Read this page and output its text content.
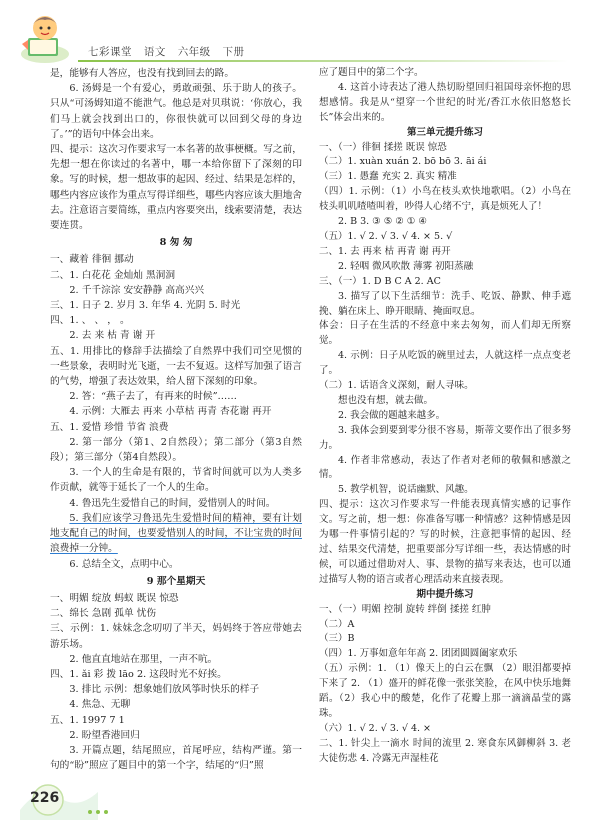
七彩课堂 语文 六年级 下册

是，能够有人答应，也没有找到回去的路。

6. 汤姆是一个有爱心，勇敢顽强、乐于助人的孩子。只从“可汤姆知道不能泄气。他总是对贝琪说：‘你放心，我们马上就会找到出口的，你很快就可以回到父母的身边了。’”的语句中体会出来。

四、提示：这次习作要求写一本名著的故事梗概。写之前，先想一想在你读过的名著中，哪一本给你留下了深刻的印象。写的时候，想一想故事的起因、经过、结果是怎样的，哪些内容应该作为重点写得详细些，哪些内容应该大胆地舍去。注意语言要简练，重点内容要突出，线索要清楚，表达要连贯。

8 匆 匆

一、藏着 徘徊 挪动

二、1. 白花花 金灿灿 黑洞洞

2. 千千淙淙 安安静静 高高兴兴

三、1. 日子 2. 岁月 3. 年华 4. 光阴 5. 时光

四、1. 、 、 ， 。

2. 去 来 枯 青 谢 开

五、1. 用排比的修辞手法描绘了自然界中我们司空见惯的一些景象，表明时光飞逝，一去不复返。这样写加强了语言的气势，增强了表达效果，给人留下深刻的印象。

2. 答：“燕子去了，有再来的时候”……

4. 示例：大雁去 再来 小草枯 再青 杏花谢 再开

五、1. 爱惜 珍惜 节省 浪费

2. 第一部分（第1、2自然段）；第二部分（第3自然段）；第三部分（第4自然段）。

3. 一个人的生命是有限的，节省时间就可以为人类多作贡献，就等于延长了一个人的生命。

4. 鲁迅先生爱惜自己的时间，爱惜别人的时间。

5. 我们应该学习鲁迅先生爱惜时间的精神，要有计划地支配自己的时间，也要爱惜别人的时间，不让宝贵的时间浪费掉一分钟。

6. 总结全文，点明中心。

9 那个星期天

一、明媚 绽放 蚂蚁 既误 惊恐

二、绵长 急剧 孤单 忧伤

三、示例：1. 妹妹念念叨叨了半天，妈妈终于答应带她去游乐场。

2. 他直直地站在那里，一声不吭。

四、1. ǎi 彩 拨 lāo 2. 这段时光不好挨。

3. 排比 示例：想象她们放风筝时快乐的样子

4. 焦急、无聊

五、1. 1997 7 1

2. 盼望香港回归

3. 开篇点题，结尾照应，首尾呼应，结构严谨。第一句的“盼”照应了题目中的第一个字，结尾的“归”照

应了题目中的第二个字。

4. 这首小诗表达了港人热切盼望回归祖国母亲怀抱的思想感情。我是从“望穿一个世纪的时光/香江水依旧悠悠长长”体会出来的。

第三单元提升练习

一、（一）徘徊 揉搓 既误 惊恐

（二）1. xuàn xuán 2. bō bō 3. āi ái

（三）1. 愚蠢 充实 2. 真实 精准

（四）1. 示例：（1）小鸟在枝头欢快地歌唱。（2）小鸟在枝头叽叽喳喳叫着，吵得人心绪不宁，真是烦死人了！

2. B 3. ③ ⑤ ② ① ④

（五）1. √ 2. √ 3. √ 4. × 5. √

二、1. 去 再来 枯 再青 谢 再开

2. 轻咽 微风吹散 薄雾 初阳蒸融

三、（一）1. D B C A 2. AC

3. 描写了以下生活细节：洗手、吃饭、静默、伸手遮挽、躺在床上、睁开眼睛、掩面叹息。

体会：日子在生活的不经意中来去匆匆，而人们却无所察觉。

4. 示例：日子从吃饭的碗里过去，人就这样一点点变老了。

（二）1. 话语含义深刻，耐人寻味。

想也没有想，就去做。

2. 我会做的题越来越多。

3. 我体会到要到零分很不容易，斯蒂文要作出了很多努力。

4. 作者非常感动，表达了作者对老师的敬佩和感激之情。

5. 教学机智，说话幽默、风趣。

四、提示：这次习作要求写一件能表现真情实感的记事作文。写之前，想一想：你准备写哪一种情感？这种情感是因为哪一件事情引起的？写的时候，注意把事情的起因、经过、结果交代清楚，把重要部分写详细一些，表达情感的时候，可以通过借助对人、事、景物的描写来表达，也可以通过描写人物的语言或者心理活动来直接表现。

期中提升练习

一、（一）明媚 控制 旋转 绊倒 揉搓 红肿

（二）A

（三）B

（四）1. 万事如意年年高 2. 团团圆圆阖家欢乐

（五）示例：1. （1）像天上的白云在飘 （2）眼泪都要掉下来了 2. （1）盛开的鲜花像一张张笑脸，在风中快乐地舞蹈。（2）我心中的酸楚，化作了花瓣上那一滴滴晶莹的露珠。

（六）1. √ 2. √ 3. √ 4. ×

二、1. 针尖上一滴水 时间的流里 2. 寒食东风御柳斜 3. 老大徒伤悲 4. 冷露无声湿桂花

226
